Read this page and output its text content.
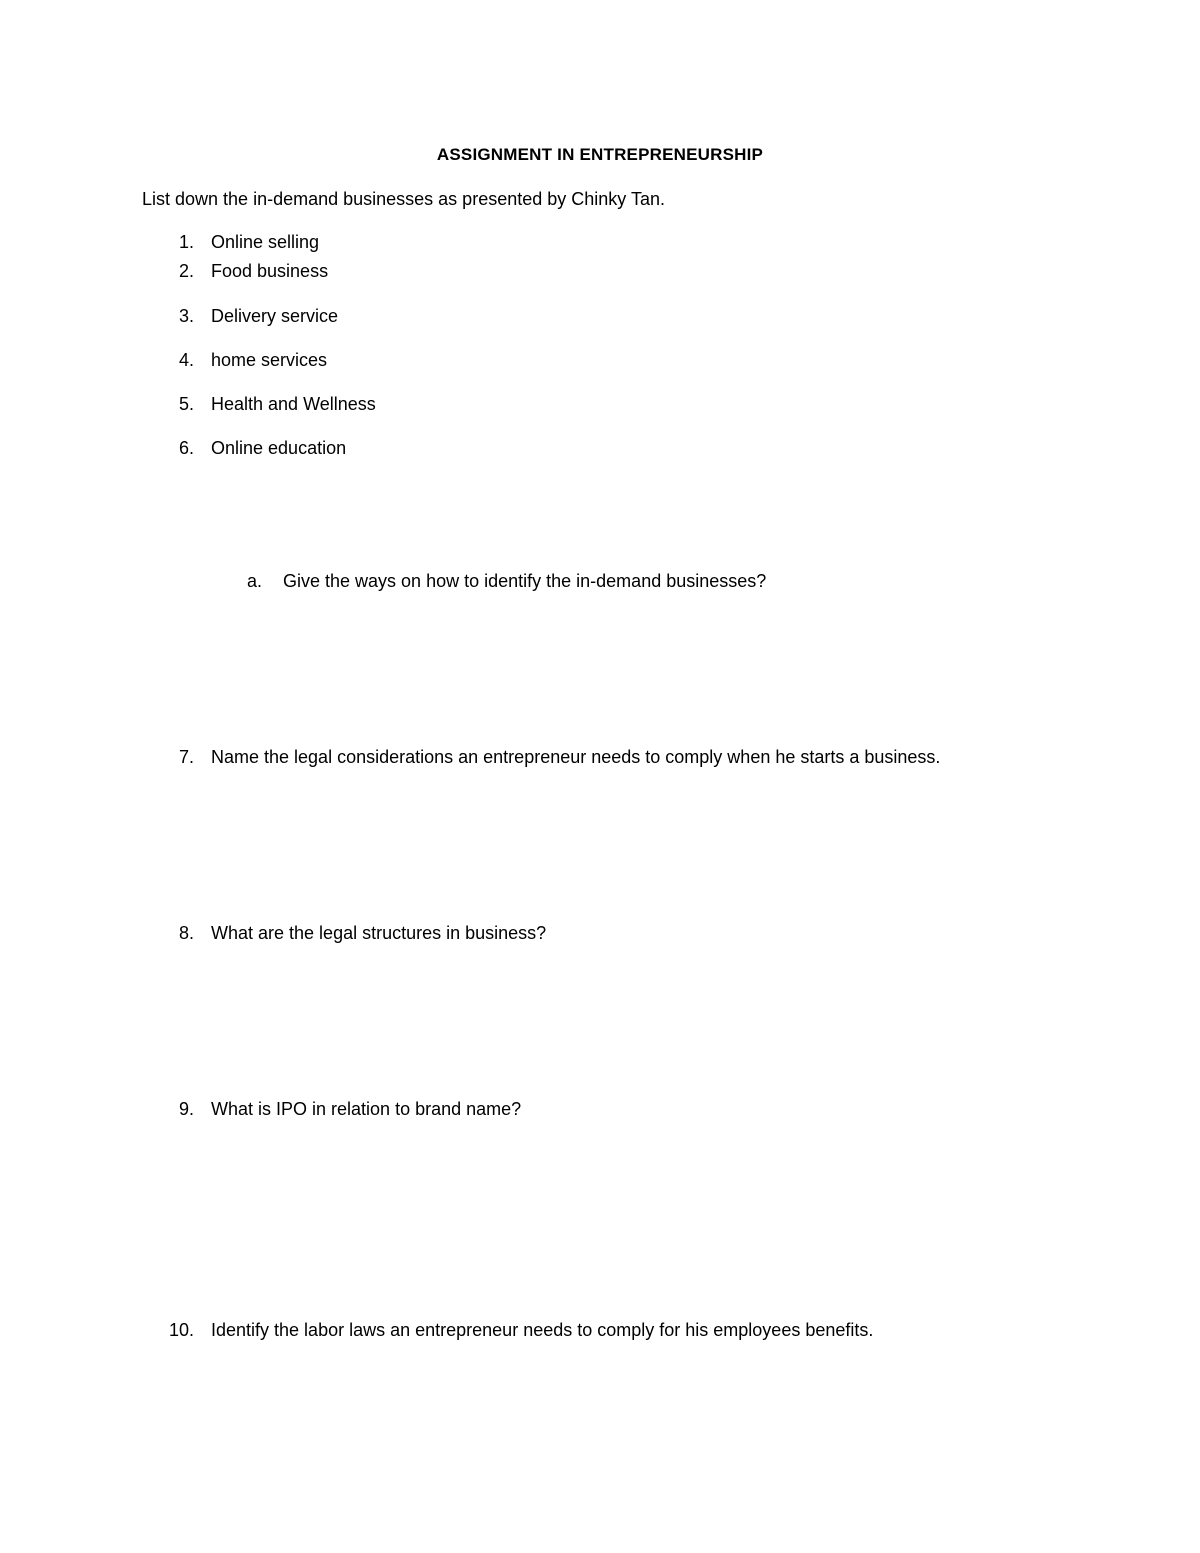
ASSIGNMENT IN ENTREPRENEURSHIP
List down the in-demand businesses as presented by Chinky Tan.
1. Online selling
2. Food business
3. Delivery service
4. home services
5. Health and Wellness
6. Online education
a. Give the ways on how to identify the in-demand businesses?
7. Name the legal considerations an entrepreneur needs to comply when he starts a business.
8. What are the legal structures in business?
9. What is IPO in relation to brand name?
10. Identify the labor laws an entrepreneur needs to comply for his employees benefits.
